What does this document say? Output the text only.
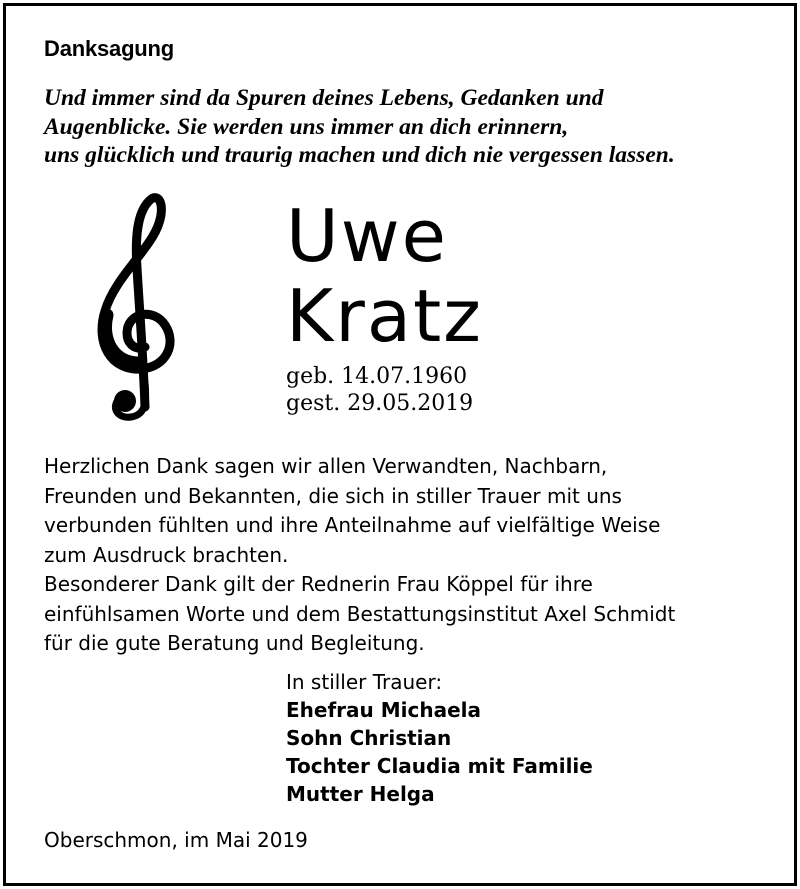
Danksagung
Und immer sind da Spuren deines Lebens, Gedanken und
Augenblicke. Sie werden uns immer an dich erinnern,
uns glücklich und traurig machen und dich nie vergessen lassen.
Uwe
Kratz
geb. 14.07.1960
gest. 29.05.2019
Herzlichen Dank sagen wir allen Verwandten, Nachbarn,
Freunden und Bekannten, die sich in stiller Trauer mit uns
verbunden fühlten und ihre Anteilnahme auf vielfältige Weise
zum Ausdruck brachten.
Besonderer Dank gilt der Rednerin Frau Köppel für ihre
einfühlsamen Worte und dem Bestattungsinstitut Axel Schmidt
für die gute Beratung und Begleitung.
In stiller Trauer:
Ehefrau Michaela
Sohn Christian
Tochter Claudia mit Familie
Mutter Helga
Oberschmon, im Mai 2019
